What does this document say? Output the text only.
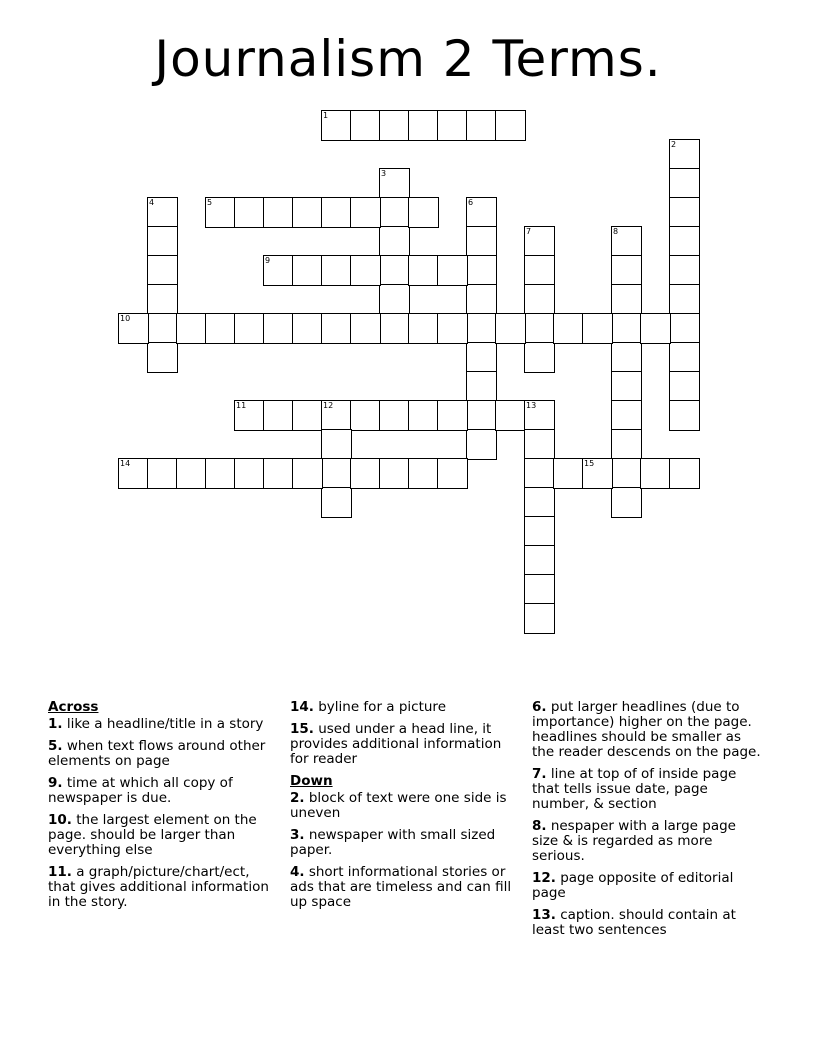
Journalism 2 Terms.
1
2
3
4	5	6
7	8
9
10
11	12	13
14	15
Across
1. like a headline/title in a story
5. when text flows around other elements on page
9. time at which all copy of newspaper is due.
10. the largest element on the page. should be larger than everything else
11. a graph/picture/chart/ect, that gives additional information in the story.
14. byline for a picture
15. used under a head line, it provides additional information for reader
Down
2. block of text were one side is uneven
3. newspaper with small sized paper.
4. short informational stories or ads that are timeless and can fill up space
6. put larger headlines (due to importance) higher on the page. headlines should be smaller as the reader descends on the page.
7. line at top of of inside page that tells issue date, page number, & section
8. nespaper with a large page size & is regarded as more serious.
12. page opposite of editorial page
13. caption. should contain at least two sentences
